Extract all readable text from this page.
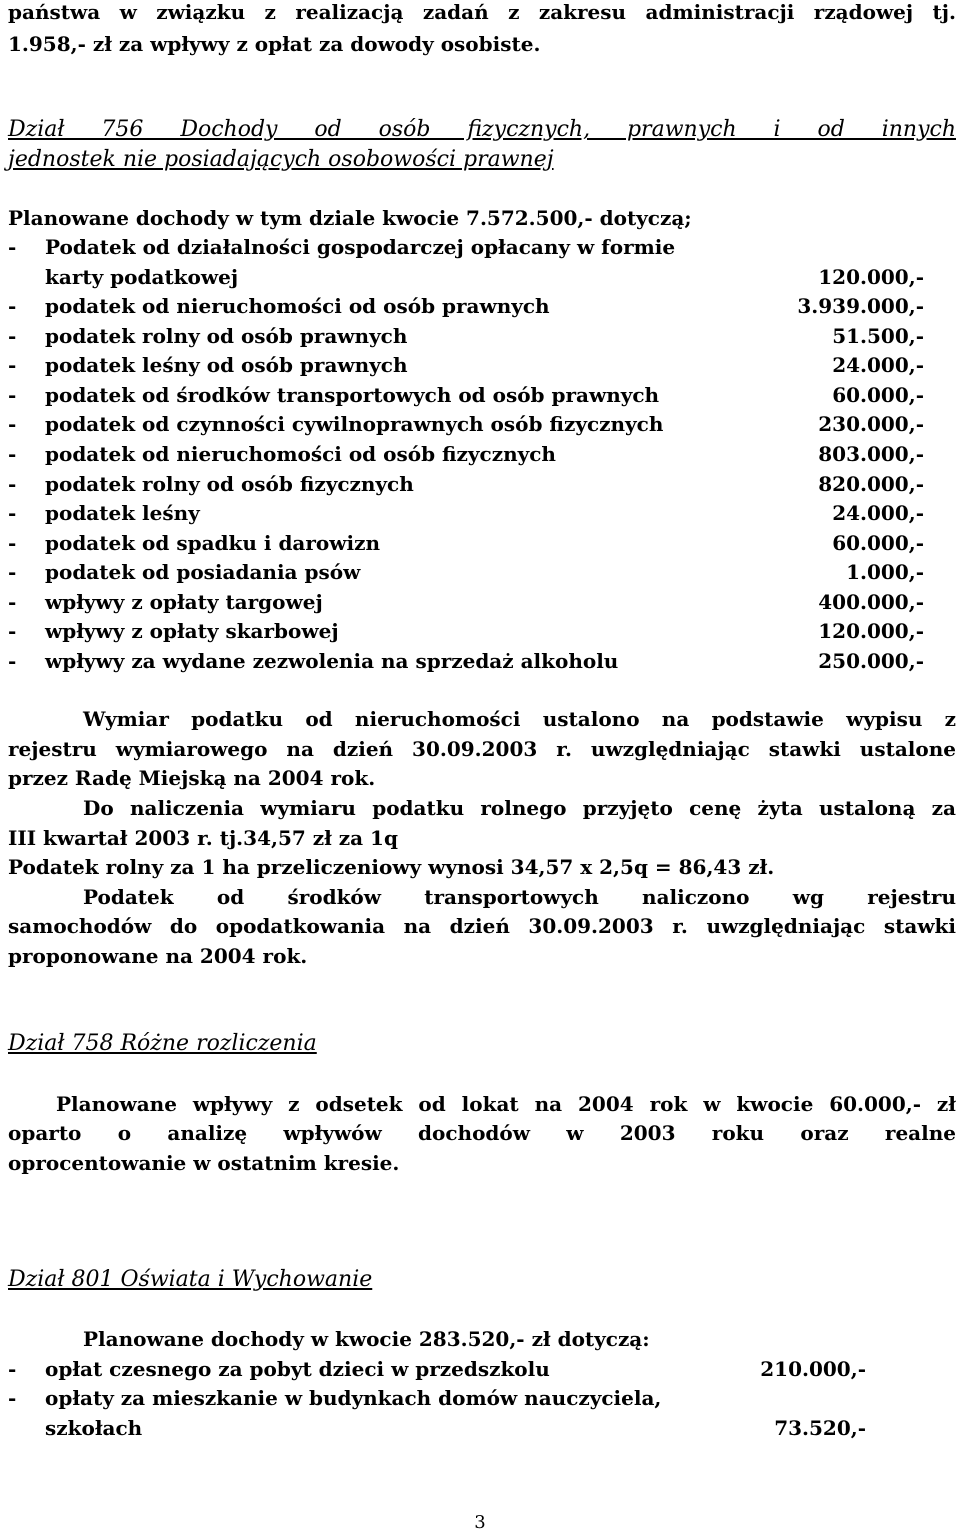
państwa w związku z realizacją zadań z zakresu administracji rządowej tj.
1.958,- zł za wpływy z opłat za dowody osobiste.
Dział 756 Dochody od osób fizycznych, prawnych i od innych
jednostek nie posiadających osobowości prawnej
Planowane dochody w tym dziale kwocie 7.572.500,- dotyczą;
- Podatek od działalności gospodarczej opłacany w formie
karty podatkowej	120.000,-
- podatek od nieruchomości od osób prawnych	3.939.000,-
- podatek rolny od osób prawnych	51.500,-
- podatek leśny od osób prawnych	24.000,-
- podatek od środków transportowych od osób prawnych	60.000,-
- podatek od czynności cywilnoprawnych osób fizycznych	230.000,-
- podatek od nieruchomości od osób fizycznych	803.000,-
- podatek rolny od osób fizycznych	820.000,-
- podatek leśny	24.000,-
- podatek od spadku i darowizn	60.000,-
- podatek od posiadania psów	1.000,-
- wpływy z opłaty targowej	400.000,-
- wpływy z opłaty skarbowej	120.000,-
- wpływy za wydane zezwolenia na sprzedaż alkoholu	250.000,-
Wymiar podatku od nieruchomości ustalono na podstawie wypisu z
rejestru wymiarowego na dzień 30.09.2003 r. uwzględniając stawki ustalone
przez Radę Miejską na 2004 rok.
Do naliczenia wymiaru podatku rolnego przyjęto cenę żyta ustaloną za
III kwartał 2003 r. tj.34,57 zł za 1q
Podatek rolny za 1 ha przeliczeniowy wynosi 34,57 x 2,5q = 86,43 zł.
Podatek od środków transportowych naliczono wg rejestru
samochodów do opodatkowania na dzień 30.09.2003 r. uwzględniając stawki
proponowane na 2004 rok.
Dział 758 Różne rozliczenia
Planowane wpływy z odsetek od lokat na 2004 rok w kwocie 60.000,- zł
oparto o analizę wpływów dochodów w 2003 roku oraz realne
oprocentowanie w ostatnim kresie.
Dział 801 Oświata i Wychowanie
Planowane dochody w kwocie 283.520,- zł dotyczą:
- opłat czesnego za pobyt dzieci w przedszkolu	210.000,-
- opłaty za mieszkanie w budynkach domów nauczyciela,
szkołach	73.520,-
3
